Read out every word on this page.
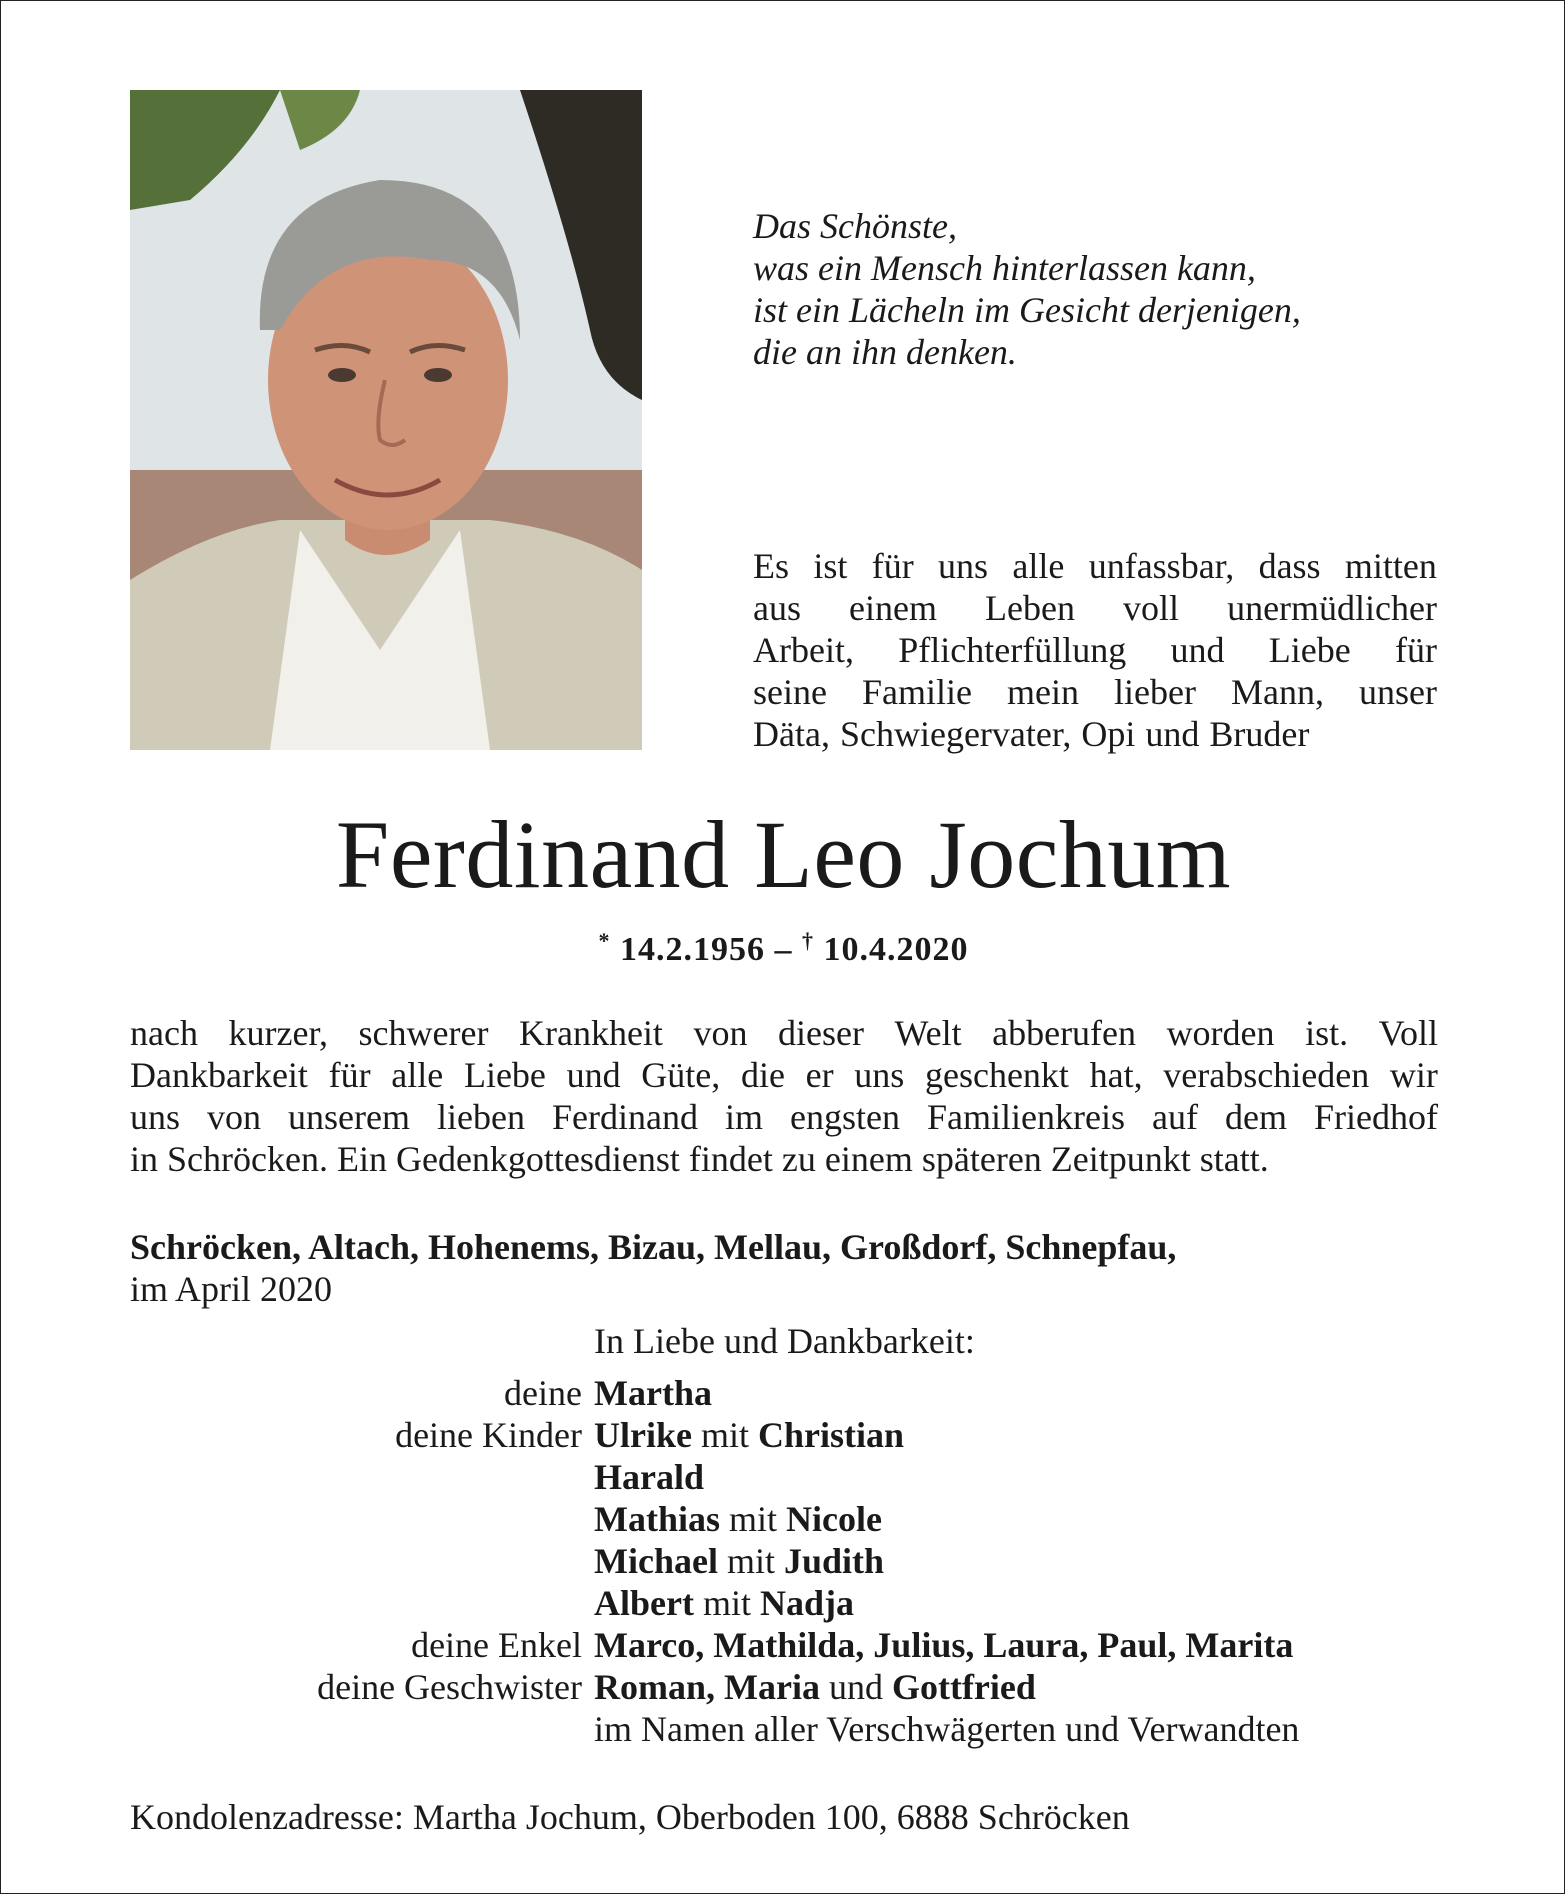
Das Schönste,
was ein Mensch hinterlassen kann,
ist ein Lächeln im Gesicht derjenigen,
die an ihn denken.
Es ist für uns alle unfassbar, dass mitten
aus einem Leben voll unermüdlicher
Arbeit, Pflichterfüllung und Liebe für
seine Familie mein lieber Mann, unser
Däta, Schwiegervater, Opi und Bruder
Ferdinand Leo Jochum
* 14.2.1956 – † 10.4.2020
nach kurzer, schwerer Krankheit von dieser Welt abberufen worden ist. Voll
Dankbarkeit für alle Liebe und Güte, die er uns geschenkt hat, verabschieden wir
uns von unserem lieben Ferdinand im engsten Familienkreis auf dem Friedhof
in Schröcken. Ein Gedenkgottesdienst findet zu einem späteren Zeitpunkt statt.
Schröcken, Altach, Hohenems, Bizau, Mellau, Großdorf, Schnepfau,
im April 2020
In Liebe und Dankbarkeit:
deine Martha
deine Kinder Ulrike mit Christian
Harald
Mathias mit Nicole
Michael mit Judith
Albert mit Nadja
deine Enkel Marco, Mathilda, Julius, Laura, Paul, Marita
deine Geschwister Roman, Maria und Gottfried
im Namen aller Verschwägerten und Verwandten
Kondolenzadresse: Martha Jochum, Oberboden 100, 6888 Schröcken
